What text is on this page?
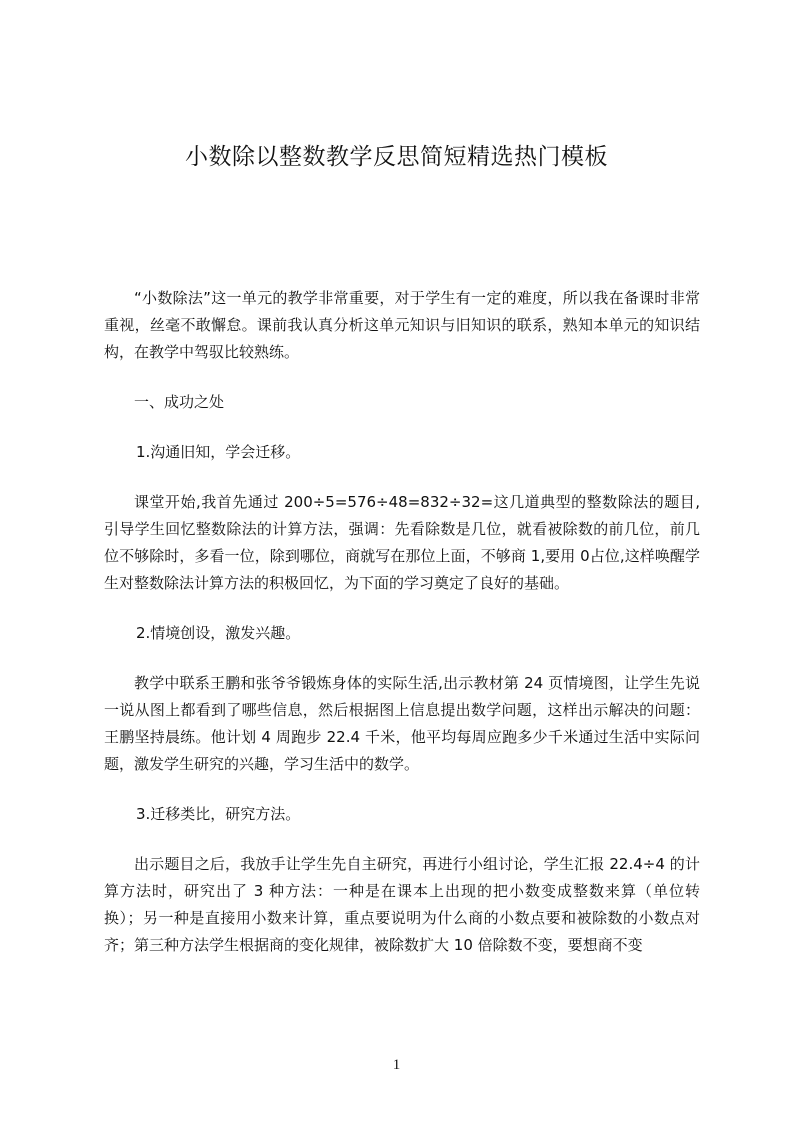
小数除以整数教学反思简短精选热门模板

“小数除法”这一单元的教学非常重要，对于学生有一定的难度，所以我在备课时非常重视，丝毫不敢懈怠。课前我认真分析这单元知识与旧知识的联系，熟知本单元的知识结构，在教学中驾驭比较熟练。

一、成功之处

1.沟通旧知，学会迁移。

课堂开始,我首先通过 200÷5=576÷48=832÷32=这几道典型的整数除法的题目,引导学生回忆整数除法的计算方法，强调：先看除数是几位，就看被除数的前几位，前几位不够除时，多看一位，除到哪位，商就写在那位上面，不够商 1,要用 0占位,这样唤醒学生对整数除法计算方法的积极回忆，为下面的学习奠定了良好的基础。

2.情境创设，激发兴趣。

教学中联系王鹏和张爷爷锻炼身体的实际生活,出示教材第 24 页情境图，让学生先说一说从图上都看到了哪些信息，然后根据图上信息提出数学问题，这样出示解决的问题：王鹏坚持晨练。他计划 4 周跑步 22.4 千米，他平均每周应跑多少千米通过生活中实际问题，激发学生研究的兴趣，学习生活中的数学。

3.迁移类比，研究方法。

出示题目之后，我放手让学生先自主研究，再进行小组讨论，学生汇报 22.4÷4 的计算方法时，研究出了 3 种方法：一种是在课本上出现的把小数变成整数来算（单位转换）；另一种是直接用小数来计算，重点要说明为什么商的小数点要和被除数的小数点对齐；第三种方法学生根据商的变化规律，被除数扩大 10 倍除数不变，要想商不变

1
